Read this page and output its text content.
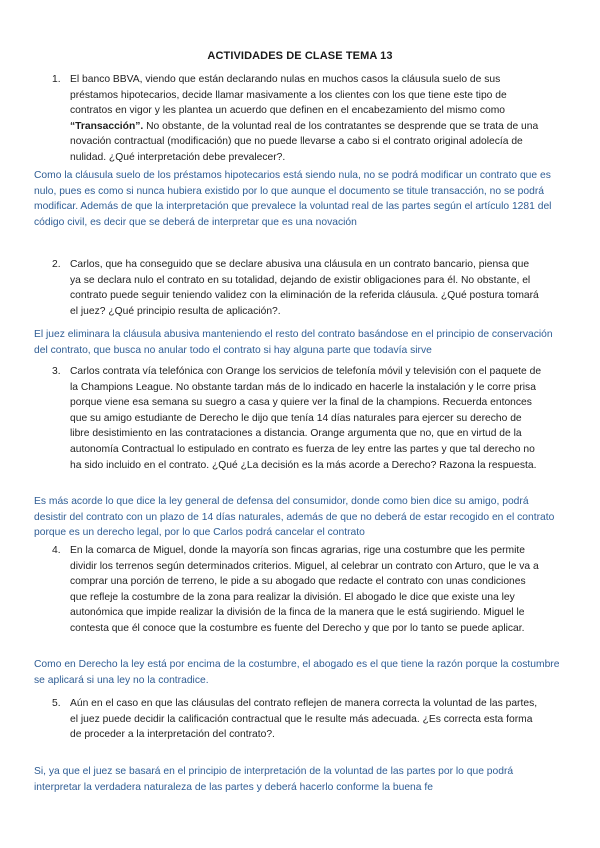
ACTIVIDADES DE CLASE TEMA 13
1. El banco BBVA, viendo que están declarando nulas en muchos casos la cláusula suelo de sus préstamos hipotecarios, decide llamar masivamente a los clientes con los que tiene este tipo de contratos en vigor y les plantea un acuerdo que definen en el encabezamiento del mismo como “Transacción”. No obstante, de la voluntad real de los contratantes se desprende que se trata de una novación contractual (modificación) que no puede llevarse a cabo si el contrato original adolecía de nulidad. ¿Qué interpretación debe prevalecer?.
Como la cláusula suelo de los préstamos hipotecarios está siendo nula, no se podrá modificar un contrato que es nulo, pues es como si nunca hubiera existido por lo que aunque el documento se titule transacción, no se podrá modificar. Además de que la interpretación que prevalece la voluntad real de las partes según el artículo 1281 del código civil, es decir que se deberá de interpretar que es una novación
2. Carlos, que ha conseguido que se declare abusiva una cláusula en un contrato bancario, piensa que ya se declara nulo el contrato en su totalidad, dejando de existir obligaciones para él. No obstante, el contrato puede seguir teniendo validez con la eliminación de la referida cláusula. ¿Qué postura tomará el juez? ¿Qué principio resulta de aplicación?.
El juez eliminara la cláusula abusiva manteniendo el resto del contrato basándose en el principio de conservación del contrato, que busca no anular todo el contrato si hay alguna parte que todavía sirve
3. Carlos contrata vía telefónica con Orange los servicios de telefonía móvil y televisión con el paquete de la Champions League. No obstante tardan más de lo indicado en hacerle la instalación y le corre prisa porque viene esa semana su suegro a casa y quiere ver la final de la champions. Recuerda entonces que su amigo estudiante de Derecho le dijo que tenía 14 días naturales para ejercer su derecho de libre desistimiento en las contrataciones a distancia. Orange argumenta que no, que en virtud de la autonomía Contractual lo estipulado en contrato es fuerza de ley entre las partes y que tal derecho no ha sido incluido en el contrato. ¿Qué ¿La decisión es la más acorde a Derecho? Razona la respuesta.
Es más acorde lo que dice la ley general de defensa del consumidor, donde como bien dice su amigo, podrá desistir del contrato con un plazo de 14 días naturales, además de que no deberá de estar recogido en el contrato porque es un derecho legal, por lo que Carlos podrá cancelar el contrato
4. En la comarca de Miguel, donde la mayoría son fincas agrarias, rige una costumbre que les permite dividir los terrenos según determinados criterios. Miguel, al celebrar un contrato con Arturo, que le va a comprar una porción de terreno, le pide a su abogado que redacte el contrato con unas condiciones que refleje la costumbre de la zona para realizar la división. El abogado le dice que existe una ley autonómica que impide realizar la división de la finca de la manera que le está sugiriendo. Miguel le contesta que él conoce que la costumbre es fuente del Derecho y que por lo tanto se puede aplicar.
Como en Derecho la ley está por encima de la costumbre, el abogado es el que tiene la razón porque la costumbre se aplicará si una ley no la contradice.
5. Aún en el caso en que las cláusulas del contrato reflejen de manera correcta la voluntad de las partes, el juez puede decidir la calificación contractual que le resulte más adecuada. ¿Es correcta esta forma de proceder a la interpretación del contrato?.
Si, ya que el juez se basará en el principio de interpretación de la voluntad de las partes por lo que podrá interpretar la verdadera naturaleza de las partes y deberá hacerlo conforme la buena fe
